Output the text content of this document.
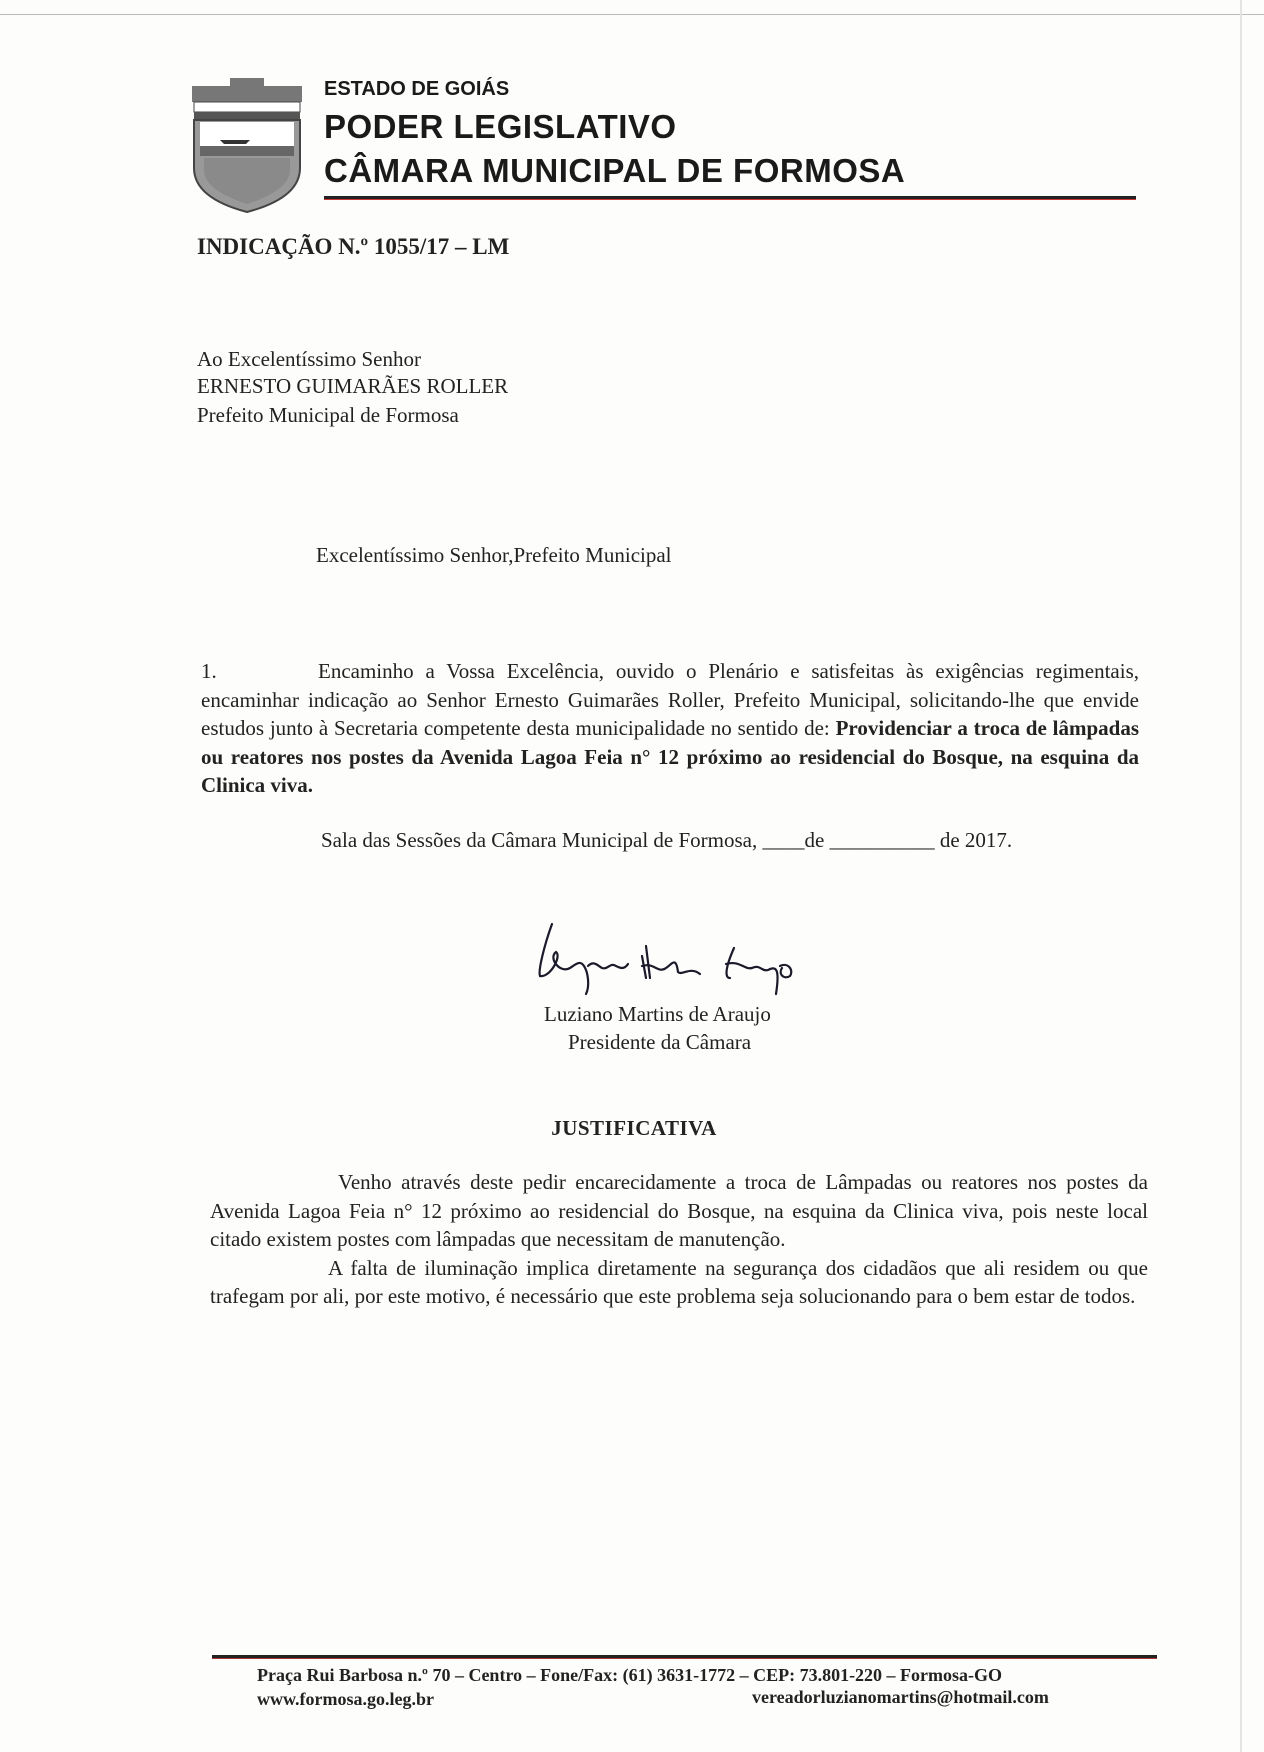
ESTADO DE GOIÁS
PODER LEGISLATIVO
CÂMARA MUNICIPAL DE FORMOSA
INDICAÇÃO N.º 1055/17 – LM
Ao Excelentíssimo Senhor
ERNESTO GUIMARÃES ROLLER
Prefeito Municipal de Formosa
Excelentíssimo Senhor,Prefeito Municipal
1.	Encaminho a Vossa Excelência, ouvido o Plenário e satisfeitas às exigências regimentais, encaminhar indicação ao Senhor Ernesto Guimarães Roller, Prefeito Municipal, solicitando-lhe que envide estudos junto à Secretaria competente desta municipalidade no sentido de: Providenciar a troca de lâmpadas ou reatores nos postes da Avenida Lagoa Feia n° 12 próximo ao residencial do Bosque, na esquina da Clinica viva.
Sala das Sessões da Câmara Municipal de Formosa, ____de __________ de 2017.
Luziano Martins de Araujo
Presidente da Câmara
JUSTIFICATIVA
Venho através deste pedir encarecidamente a troca de Lâmpadas ou reatores nos postes da Avenida Lagoa Feia n° 12 próximo ao residencial do Bosque, na esquina da Clinica viva, pois neste local citado existem postes com lâmpadas que necessitam de manutenção.
A falta de iluminação implica diretamente na segurança dos cidadãos que ali residem ou que trafegam por ali, por este motivo, é necessário que este problema seja solucionando para o bem estar de todos.
Praça Rui Barbosa n.º 70 – Centro – Fone/Fax: (61) 3631-1772 – CEP: 73.801-220 – Formosa-GO
www.formosa.go.leg.br	vereadorluzianomartins@hotmail.com
